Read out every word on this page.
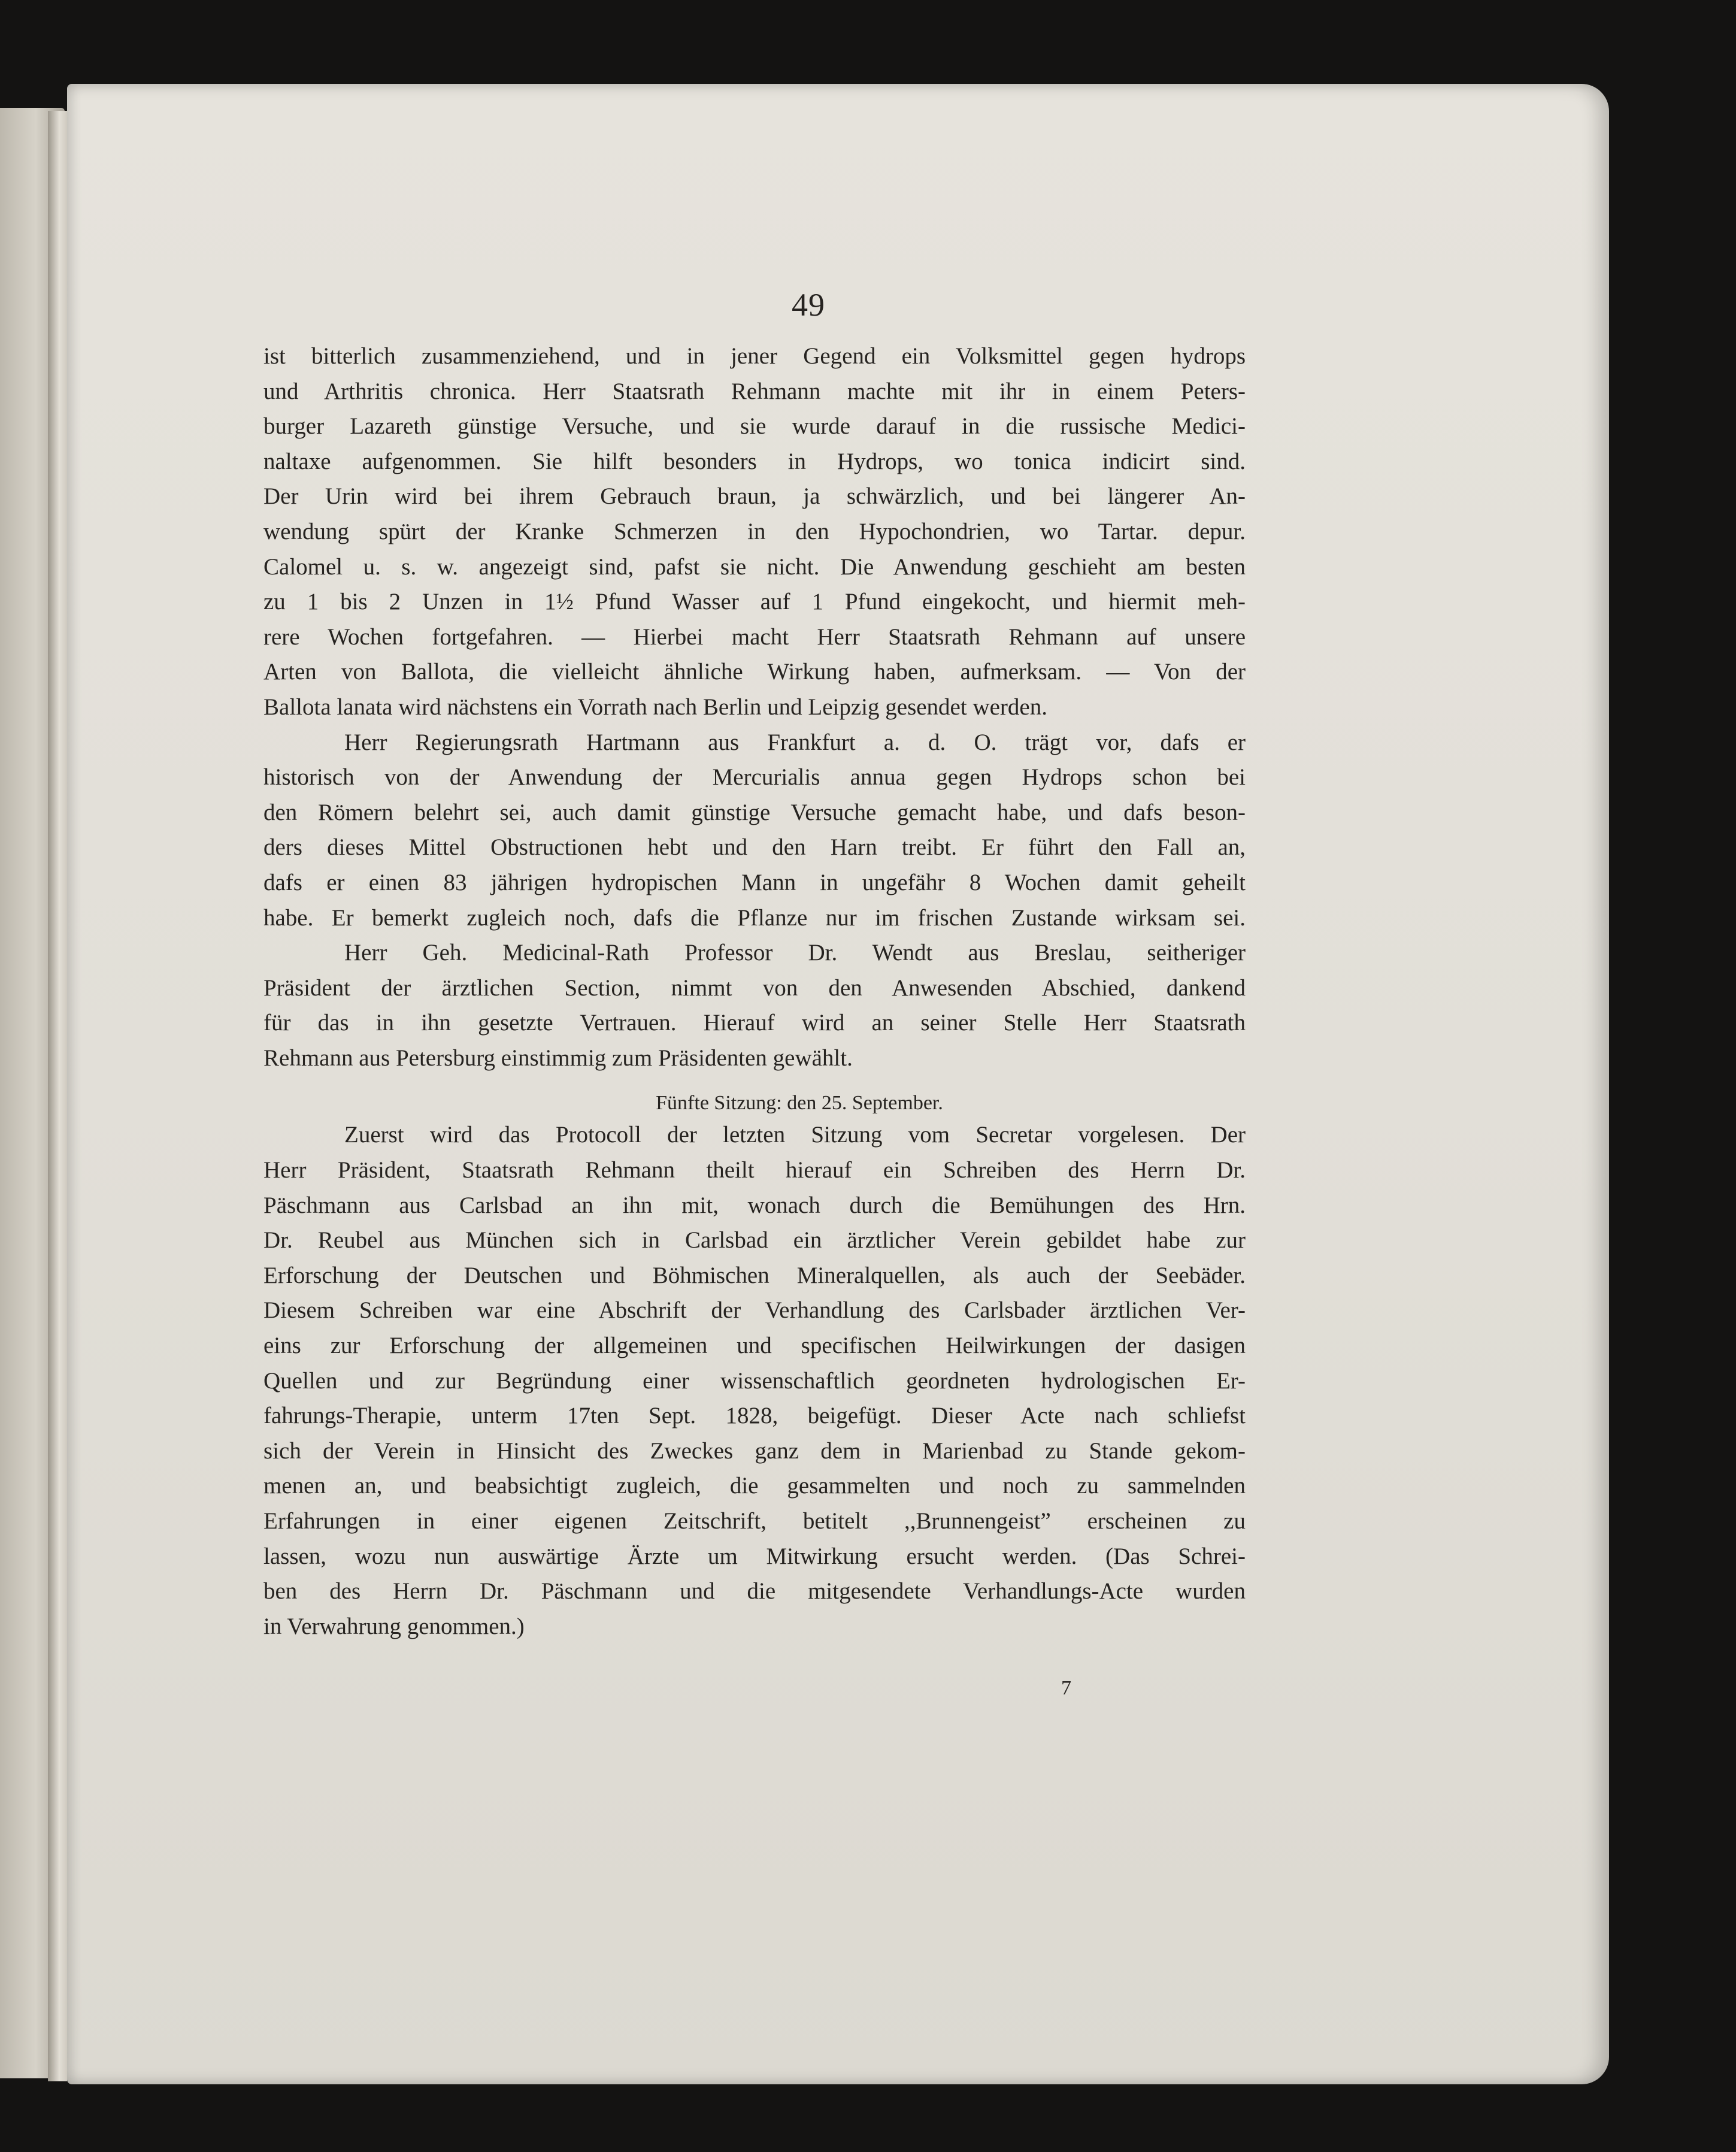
49
ist bitterlich zusammenziehend, und in jener Gegend ein Volksmittel gegen hydrops
und Arthritis chronica. Herr Staatsrath Rehmann machte mit ihr in einem Peters-
burger Lazareth günstige Versuche, und sie wurde darauf in die russische Medici-
naltaxe aufgenommen. Sie hilft besonders in Hydrops, wo tonica indicirt sind.
Der Urin wird bei ihrem Gebrauch braun, ja schwärzlich, und bei längerer An-
wendung spürt der Kranke Schmerzen in den Hypochondrien, wo Tartar. depur.
Calomel u. s. w. angezeigt sind, pafst sie nicht. Die Anwendung geschieht am besten
zu 1 bis 2 Unzen in 1½ Pfund Wasser auf 1 Pfund eingekocht, und hiermit meh-
rere Wochen fortgefahren. — Hierbei macht Herr Staatsrath Rehmann auf unsere
Arten von Ballota, die vielleicht ähnliche Wirkung haben, aufmerksam. — Von der
Ballota lanata wird nächstens ein Vorrath nach Berlin und Leipzig gesendet werden.
Herr Regierungsrath Hartmann aus Frankfurt a. d. O. trägt vor, dafs er
historisch von der Anwendung der Mercurialis annua gegen Hydrops schon bei
den Römern belehrt sei, auch damit günstige Versuche gemacht habe, und dafs beson-
ders dieses Mittel Obstructionen hebt und den Harn treibt. Er führt den Fall an,
dafs er einen 83 jährigen hydropischen Mann in ungefähr 8 Wochen damit geheilt
habe. Er bemerkt zugleich noch, dafs die Pflanze nur im frischen Zustande wirksam sei.
Herr Geh. Medicinal-Rath Professor Dr. Wendt aus Breslau, seitheriger
Präsident der ärztlichen Section, nimmt von den Anwesenden Abschied, dankend
für das in ihn gesetzte Vertrauen. Hierauf wird an seiner Stelle Herr Staatsrath
Rehmann aus Petersburg einstimmig zum Präsidenten gewählt.
Fünfte Sitzung: den 25. September.
Zuerst wird das Protocoll der letzten Sitzung vom Secretar vorgelesen. Der
Herr Präsident, Staatsrath Rehmann theilt hierauf ein Schreiben des Herrn Dr.
Päschmann aus Carlsbad an ihn mit, wonach durch die Bemühungen des Hrn.
Dr. Reubel aus München sich in Carlsbad ein ärztlicher Verein gebildet habe zur
Erforschung der Deutschen und Böhmischen Mineralquellen, als auch der Seebäder.
Diesem Schreiben war eine Abschrift der Verhandlung des Carlsbader ärztlichen Ver-
eins zur Erforschung der allgemeinen und specifischen Heilwirkungen der dasigen
Quellen und zur Begründung einer wissenschaftlich geordneten hydrologischen Er-
fahrungs-Therapie, unterm 17ten Sept. 1828, beigefügt. Dieser Acte nach schliefst
sich der Verein in Hinsicht des Zweckes ganz dem in Marienbad zu Stande gekom-
menen an, und beabsichtigt zugleich, die gesammelten und noch zu sammelnden
Erfahrungen in einer eigenen Zeitschrift, betitelt ,,Brunnengeist” erscheinen zu
lassen, wozu nun auswärtige Ärzte um Mitwirkung ersucht werden. (Das Schrei-
ben des Herrn Dr. Päschmann und die mitgesendete Verhandlungs-Acte wurden
in Verwahrung genommen.)
7
